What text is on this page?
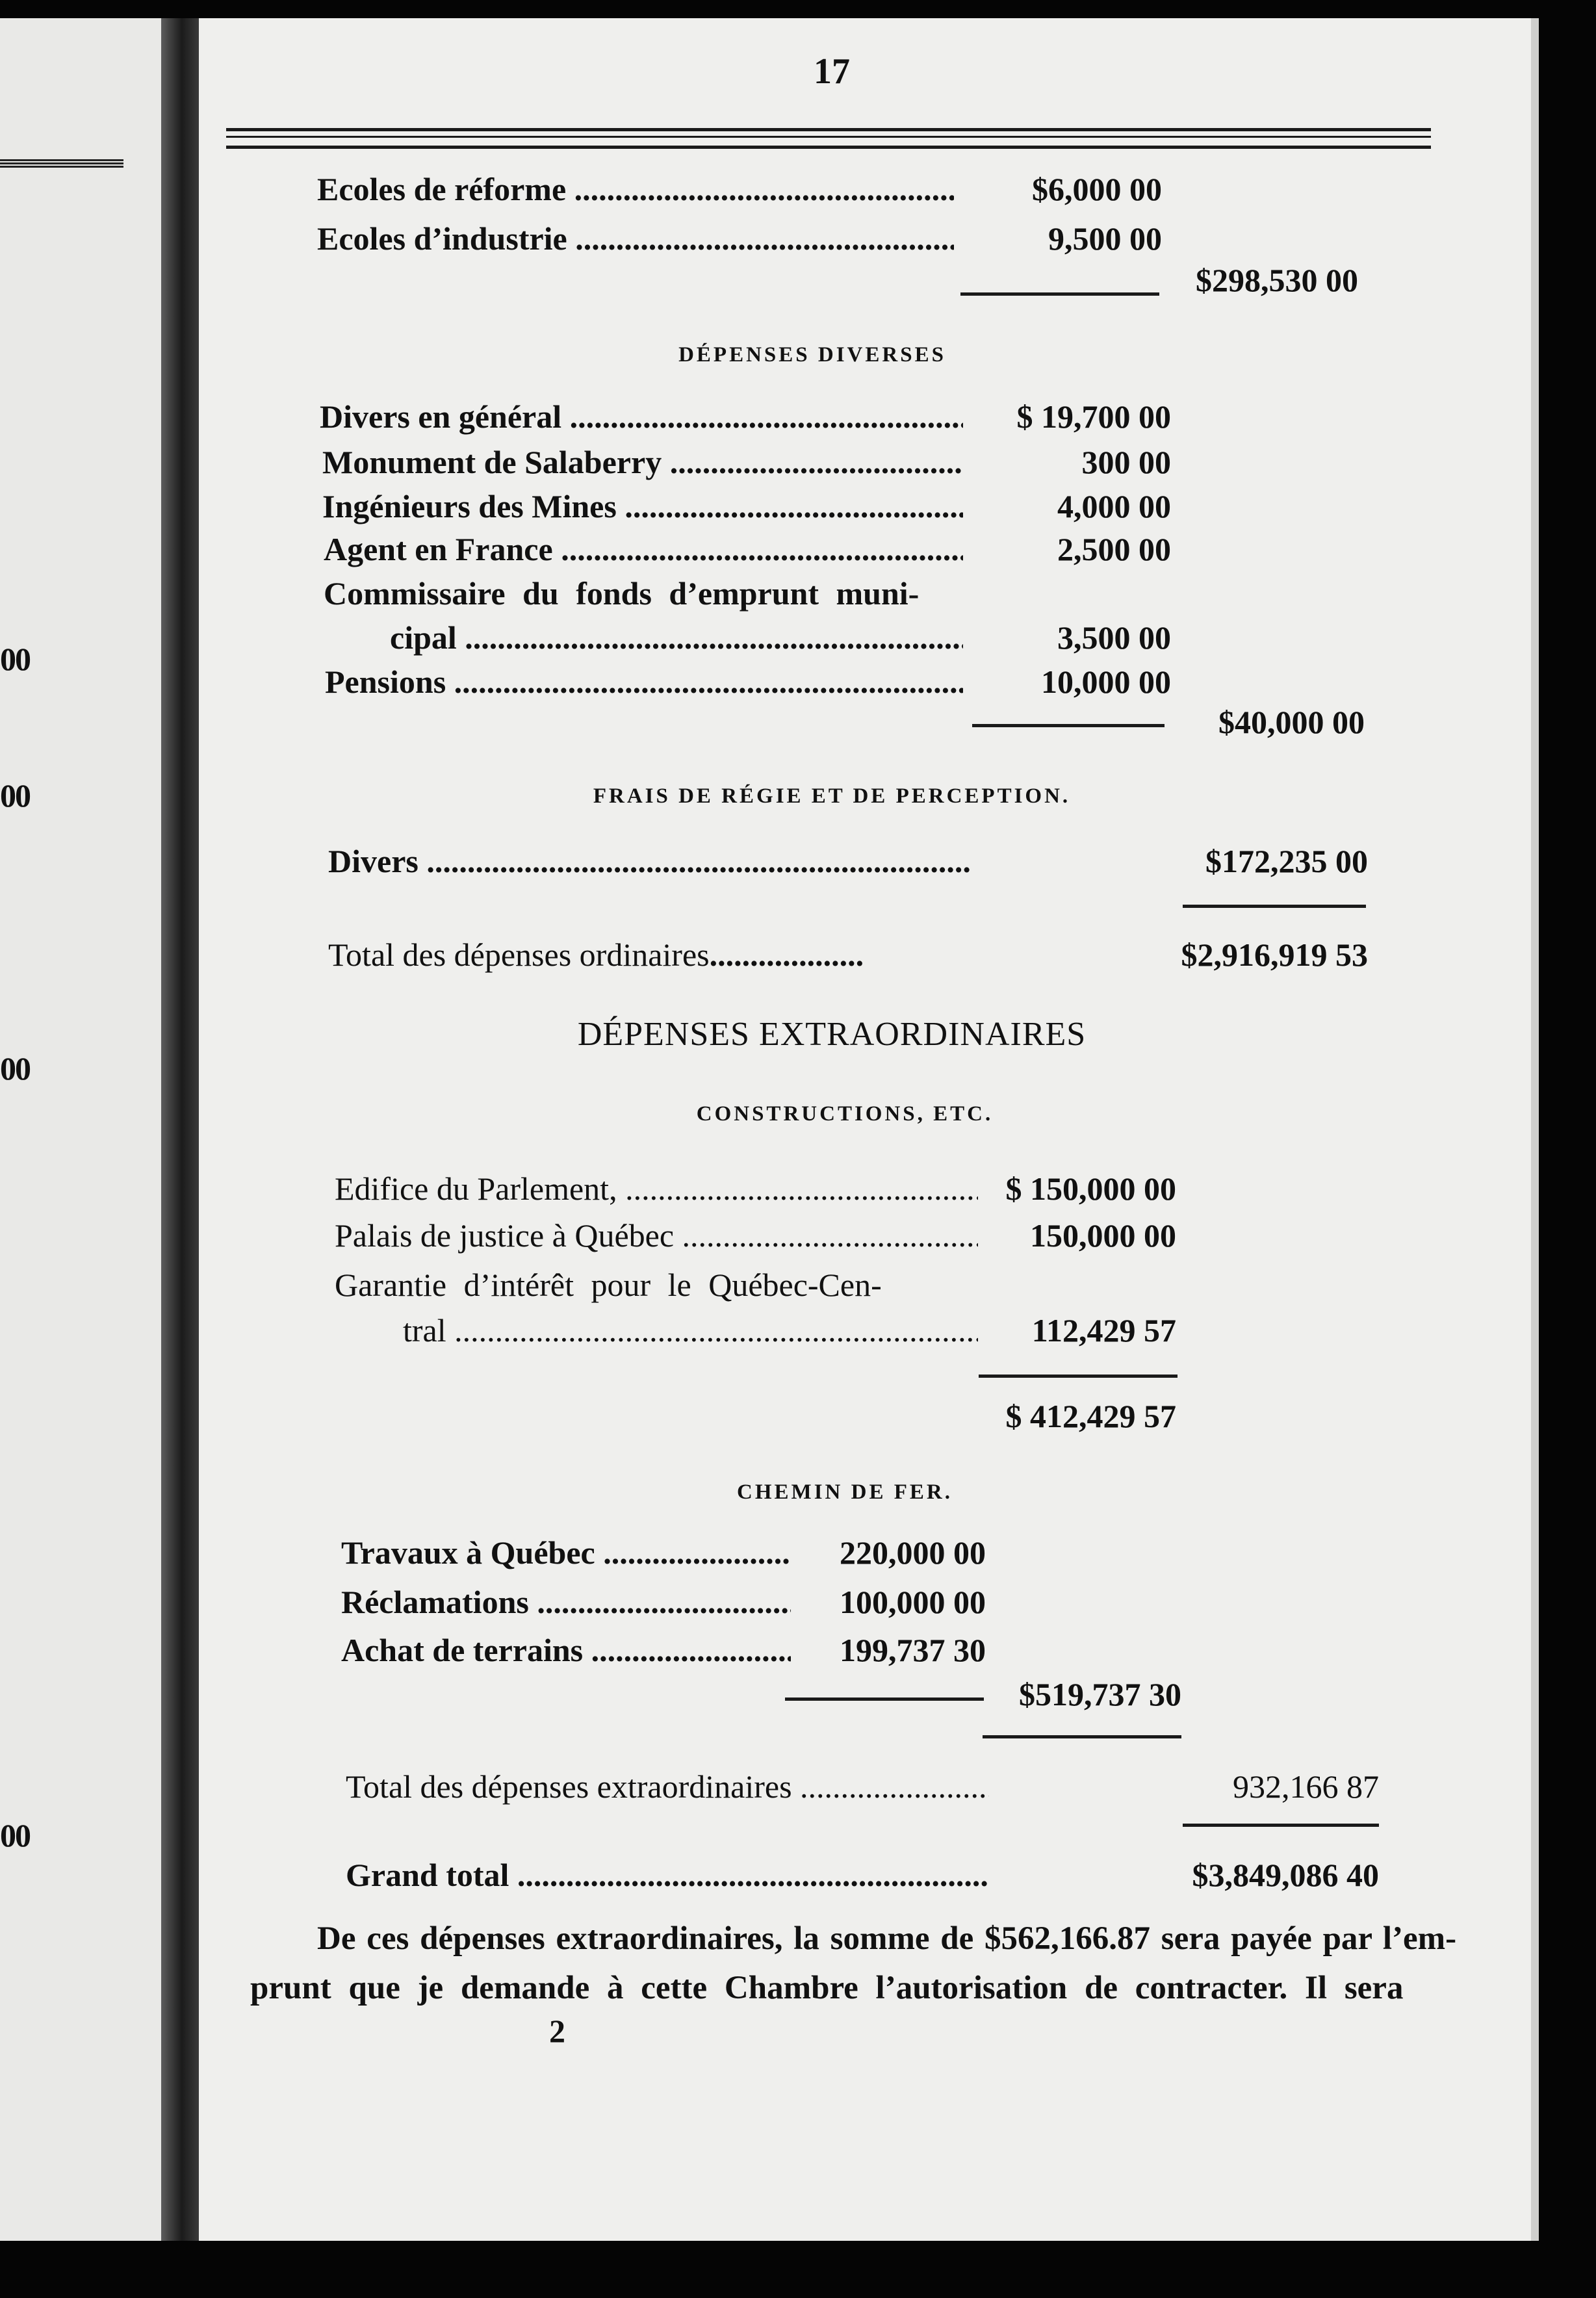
00
00
00
00
17
Ecoles de réforme .....	$6,000 00
Ecoles d’industrie .....	9,500 00
$298,530 00
DÉPENSES DIVERSES
Divers en général .....	$ 19,700 00
Monument de Salaberry .....	300 00
Ingénieurs des Mines .....	4,000 00
Agent en France .....	2,500 00
Commissaire du fonds d’emprunt muni-
cipal .....	3,500 00
Pensions .....	10,000 00
$40,000 00
FRAIS DE RÉGIE ET DE PERCEPTION.
Divers .....	$172,235 00
Total des dépenses ordinaires...................	$2,916,919 53
DÉPENSES EXTRAORDINAIRES
CONSTRUCTIONS, ETC.
Edifice du Parlement, .....	$ 150,000 00
Palais de justice à Québec .....	150,000 00
Garantie d’intérêt pour le Québec-Cen-
tral .....	112,429 57
$ 412,429 57
CHEMIN DE FER.
Travaux à Québec .....	220,000 00
Réclamations .....	100,000 00
Achat de terrains .....	199,737 30
$519,737 30
Total des dépenses extraordinaires .....	932,166 87
Grand total .....	$3,849,086 40
De ces dépenses extraordinaires, la somme de $562,166.87 sera payée par l’em-
prunt que je demande à cette Chambre l’autorisation de contracter. Il sera
2
